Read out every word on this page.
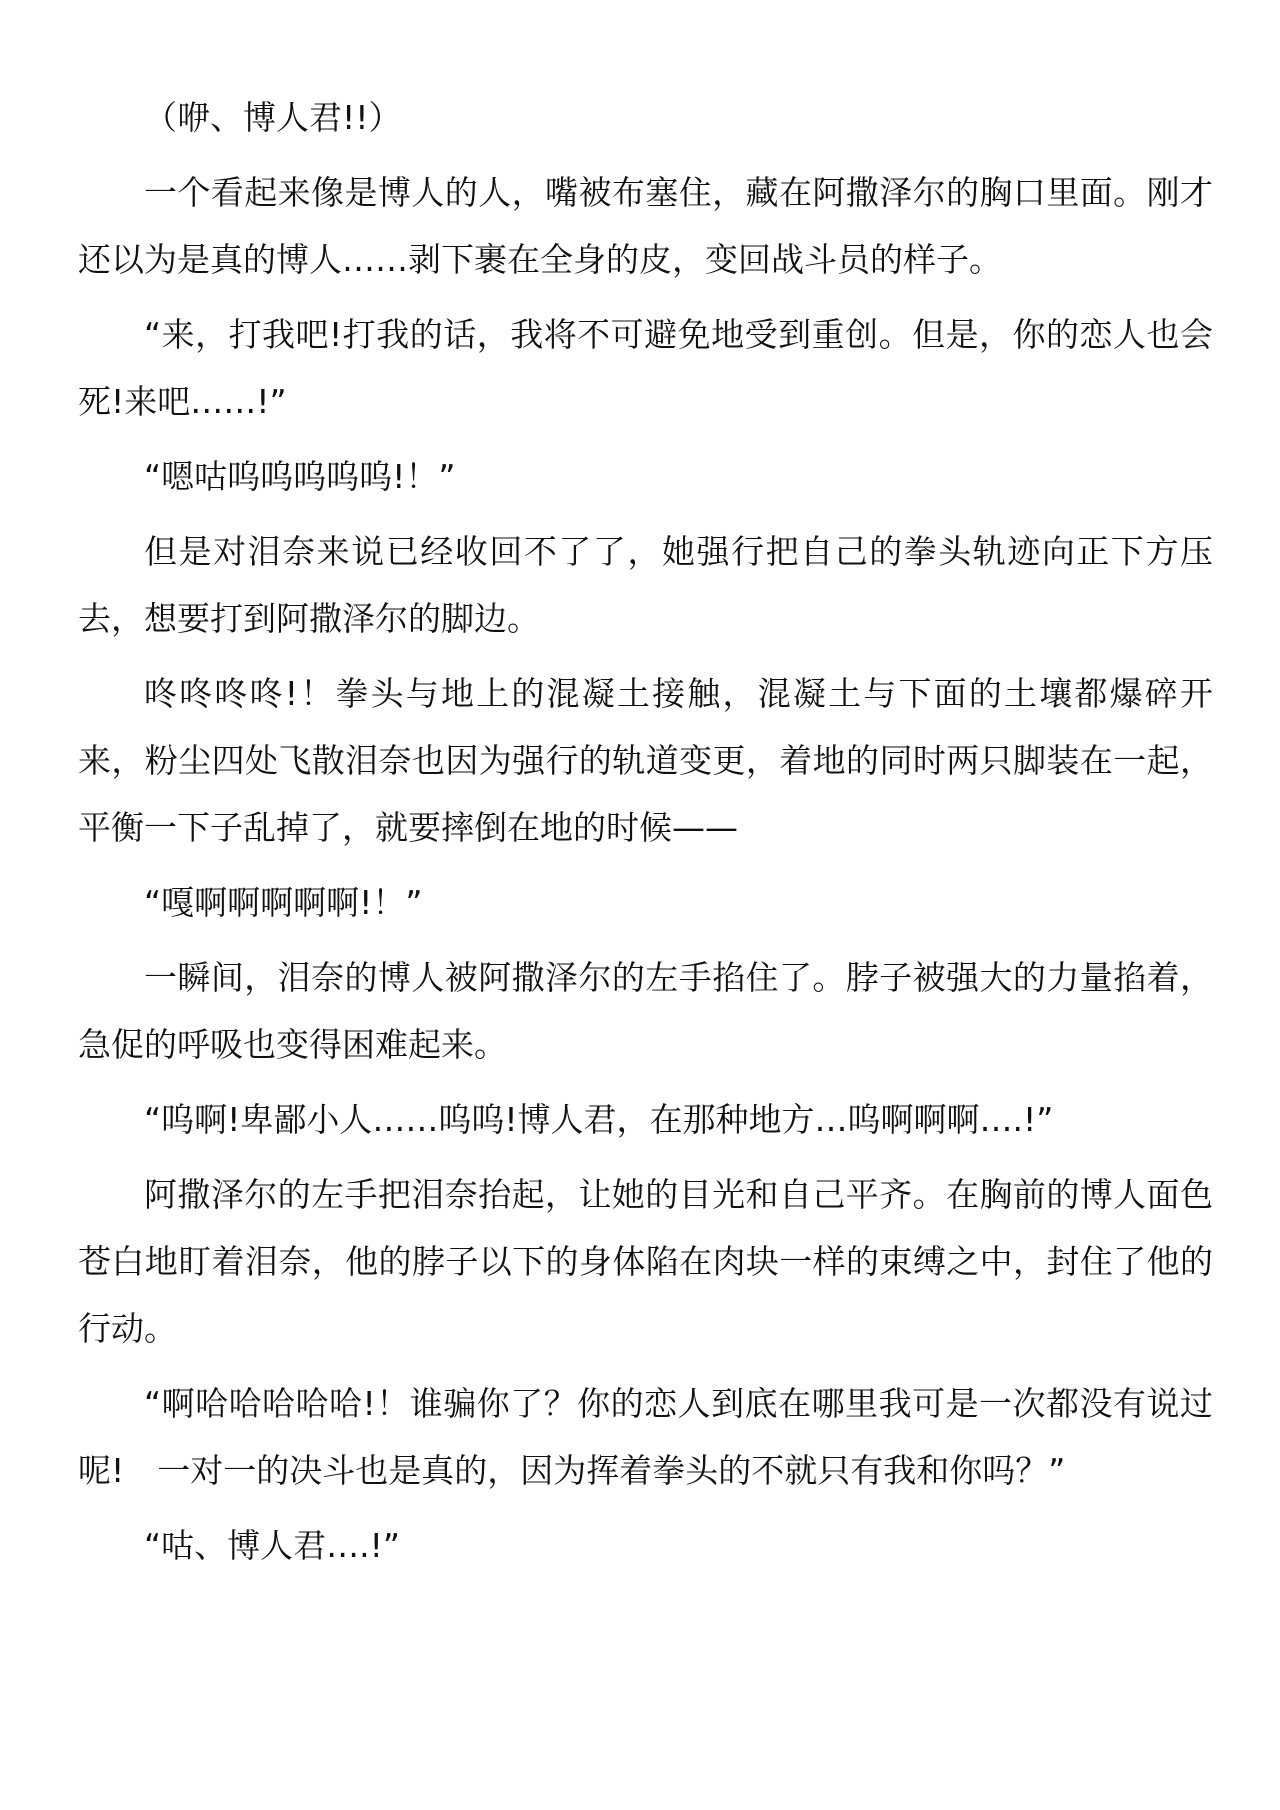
（咿、博人君!!）

一个看起来像是博人的人，嘴被布塞住，藏在阿撒泽尔的胸口里面。刚才还以为是真的博人……剥下裹在全身的皮，变回战斗员的样子。

“来，打我吧!打我的话，我将不可避免地受到重创。但是，你的恋人也会死!来吧……!”

“嗯咕呜呜呜呜呜!！”

但是对泪奈来说已经收回不了了，她强行把自己的拳头轨迹向正下方压去，想要打到阿撒泽尔的脚边。

咚咚咚咚!！拳头与地上的混凝土接触，混凝土与下面的土壤都爆碎开来，粉尘四处飞散泪奈也因为强行的轨道变更，着地的同时两只脚装在一起，平衡一下子乱掉了，就要摔倒在地的时候——

“嘎啊啊啊啊啊!！”

一瞬间，泪奈的博人被阿撒泽尔的左手掐住了。脖子被强大的力量掐着，急促的呼吸也变得困难起来。

“呜啊!卑鄙小人……呜呜!博人君，在那种地方…呜啊啊啊….!”

阿撒泽尔的左手把泪奈抬起，让她的目光和自己平齐。在胸前的博人面色苍白地盯着泪奈，他的脖子以下的身体陷在肉块一样的束缚之中，封住了他的行动。

“啊哈哈哈哈哈!！谁骗你了？你的恋人到底在哪里我可是一次都没有说过呢!　一对一的决斗也是真的，因为挥着拳头的不就只有我和你吗？”

“咕、博人君….!”
